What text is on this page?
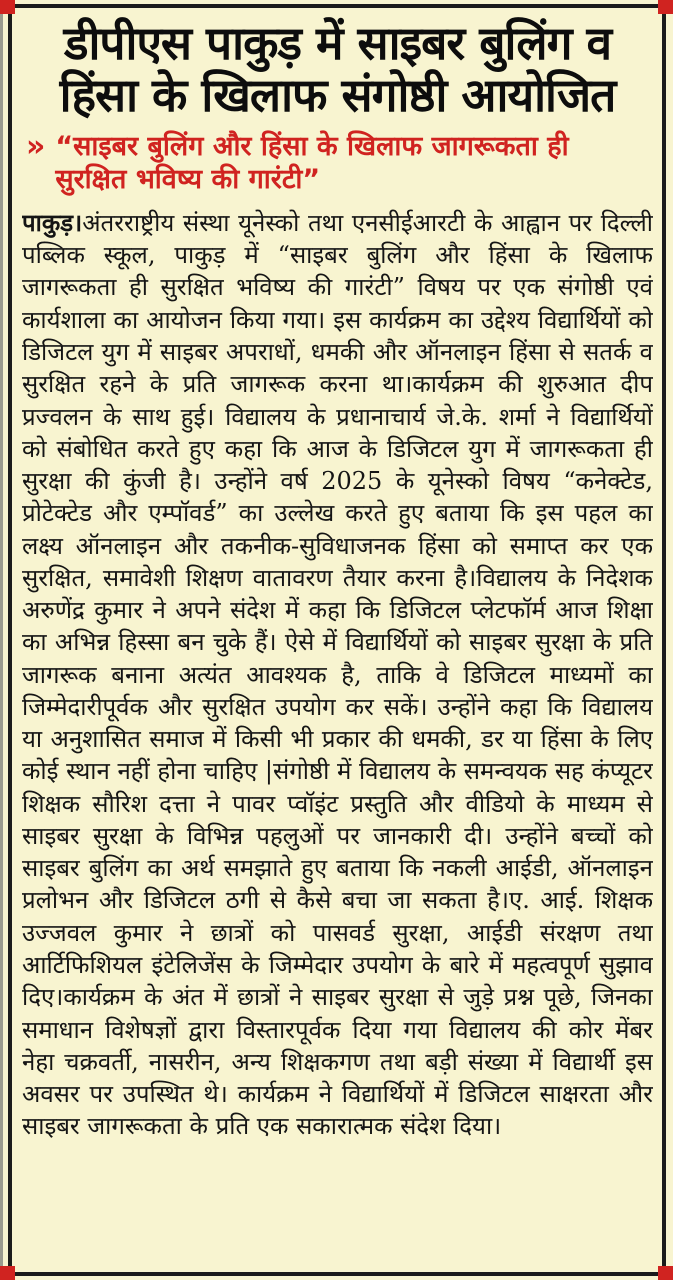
डीपीएस पाकुड़ में साइबर बुलिंग व
हिंसा के खिलाफ संगोष्ठी आयोजित
» “साइबर बुलिंग और हिंसा के खिलाफ जागरूकता ही सुरक्षित भविष्य की गारंटी”

पाकुड़।अंतरराष्ट्रीय संस्था यूनेस्को तथा एनसीईआरटी के आह्वान पर दिल्ली पब्लिक स्कूल, पाकुड़ में “साइबर बुलिंग और हिंसा के खिलाफ जागरूकता ही सुरक्षित भविष्य की गारंटी” विषय पर एक संगोष्ठी एवं कार्यशाला का आयोजन किया गया। इस कार्यक्रम का उद्देश्य विद्यार्थियों को डिजिटल युग में साइबर अपराधों, धमकी और ऑनलाइन हिंसा से सतर्क व सुरक्षित रहने के प्रति जागरूक करना था।कार्यक्रम की शुरुआत दीप प्रज्वलन के साथ हुई। विद्यालय के प्रधानाचार्य जे.के. शर्मा ने विद्यार्थियों को संबोधित करते हुए कहा कि आज के डिजिटल युग में जागरूकता ही सुरक्षा की कुंजी है। उन्होंने वर्ष 2025 के यूनेस्को विषय “कनेक्टेड, प्रोटेक्टेड और एम्पॉवर्ड” का उल्लेख करते हुए बताया कि इस पहल का लक्ष्य ऑनलाइन और तकनीक-सुविधाजनक हिंसा को समाप्त कर एक सुरक्षित, समावेशी शिक्षण वातावरण तैयार करना है।विद्यालय के निदेशक अरुणेंद्र कुमार ने अपने संदेश में कहा कि डिजिटल प्लेटफॉर्म आज शिक्षा का अभिन्न हिस्सा बन चुके हैं। ऐसे में विद्यार्थियों को साइबर सुरक्षा के प्रति जागरूक बनाना अत्यंत आवश्यक है, ताकि वे डिजिटल माध्यमों का जिम्मेदारीपूर्वक और सुरक्षित उपयोग कर सकें। उन्होंने कहा कि विद्यालय या अनुशासित समाज में किसी भी प्रकार की धमकी, डर या हिंसा के लिए कोई स्थान नहीं होना चाहिए |संगोष्ठी में विद्यालय के समन्वयक सह कंप्यूटर शिक्षक सौरिश दत्ता ने पावर प्वॉइंट प्रस्तुति और वीडियो के माध्यम से साइबर सुरक्षा के विभिन्न पहलुओं पर जानकारी दी। उन्होंने बच्चों को साइबर बुलिंग का अर्थ समझाते हुए बताया कि नकली आईडी, ऑनलाइन प्रलोभन और डिजिटल ठगी से कैसे बचा जा सकता है।ए. आई. शिक्षक उज्जवल कुमार ने छात्रों को पासवर्ड सुरक्षा, आईडी संरक्षण तथा आर्टिफिशियल इंटेलिजेंस के जिम्मेदार उपयोग के बारे में महत्वपूर्ण सुझाव दिए।कार्यक्रम के अंत में छात्रों ने साइबर सुरक्षा से जुड़े प्रश्न पूछे, जिनका समाधान विशेषज्ञों द्वारा विस्तारपूर्वक दिया गया विद्यालय की कोर मेंबर नेहा चक्रवर्ती, नासरीन, अन्य शिक्षकगण तथा बड़ी संख्या में विद्यार्थी इस अवसर पर उपस्थित थे। कार्यक्रम ने विद्यार्थियों में डिजिटल साक्षरता और साइबर जागरूकता के प्रति एक सकारात्मक संदेश दिया।
